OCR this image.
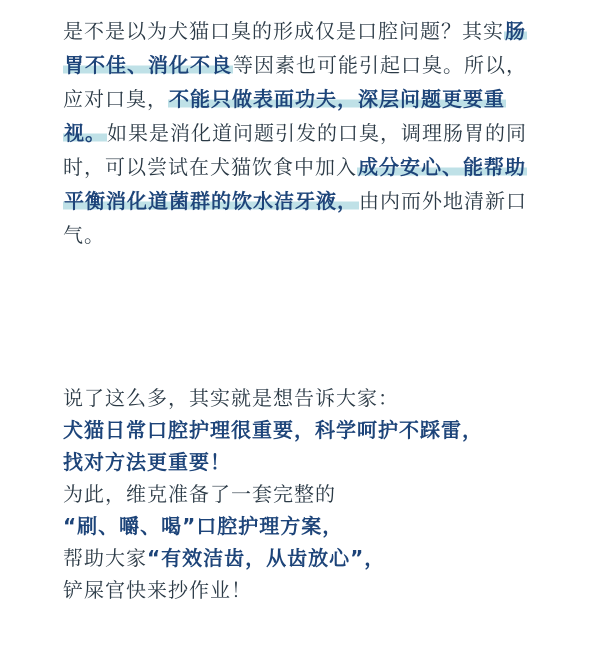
是不是以为犬猫口臭的形成仅是口腔问题？其实肠胃不佳、消化不良等因素也可能引起口臭。所以，应对口臭，不能只做表面功夫，深层问题更要重视。如果是消化道问题引发的口臭，调理肠胃的同时，可以尝试在犬猫饮食中加入成分安心、能帮助平衡消化道菌群的饮水洁牙液，由内而外地清新口气。
说了这么多，其实就是想告诉大家：
犬猫日常口腔护理很重要，科学呵护不踩雷，
找对方法更重要！
为此，维克准备了一套完整的
“刷、嚼、喝”口腔护理方案，
帮助大家“有效洁齿，从齿放心”，
铲屎官快来抄作业！
